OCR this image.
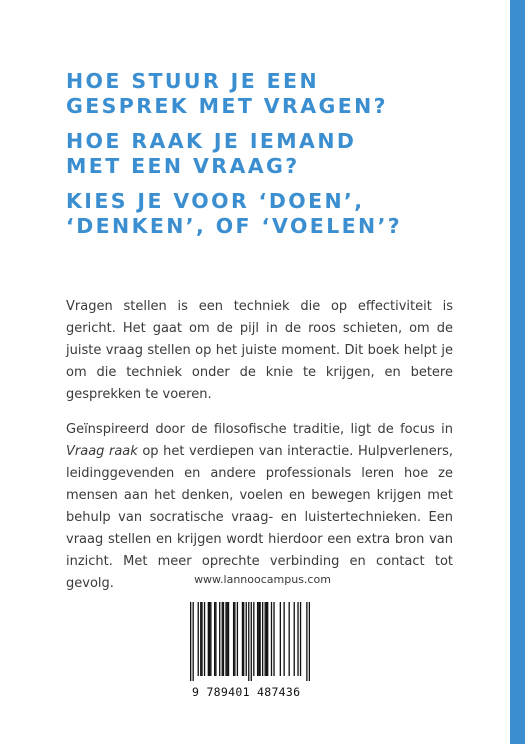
HOE STUUR JE EEN
GESPREK MET VRAGEN?
HOE RAAK JE IEMAND
MET EEN VRAAG?
KIES JE VOOR ‘DOEN’,
‘DENKEN’, OF ‘VOELEN’?

Vragen stellen is een techniek die op effectiviteit is gericht. Het gaat om de pijl in de roos schieten, om de juiste vraag stellen op het juiste moment. Dit boek helpt je om die techniek onder de knie te krijgen, en betere gesprekken te voeren.

Geïnspireerd door de filosofische traditie, ligt de focus in Vraag raak op het verdiepen van interactie. Hulpverleners, leidinggevenden en andere professionals leren hoe ze mensen aan het denken, voelen en bewegen krijgen met behulp van socratische vraag- en luistertechnieken. Een vraag stellen en krijgen wordt hierdoor een extra bron van inzicht. Met meer oprechte verbinding en contact tot gevolg.	www.lannoocampus.com
9 789401 487436
